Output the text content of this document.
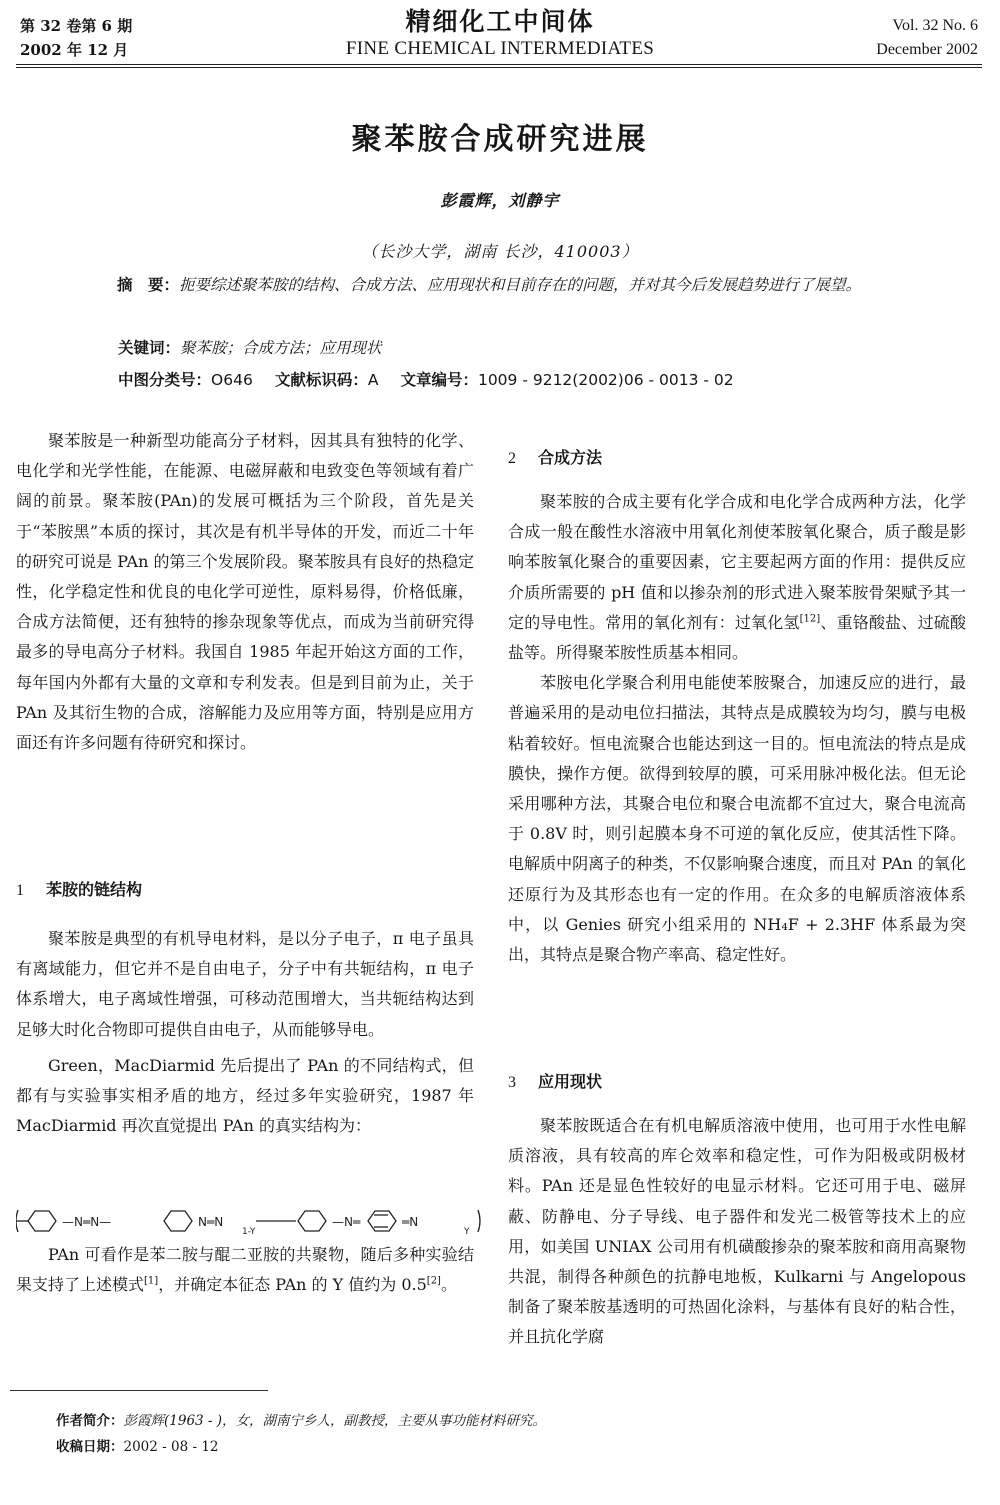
第 32 卷第 6 期
2002 年 12 月
精细化工中间体
FINE CHEMICAL INTERMEDIATES
Vol. 32 No. 6
December 2002
聚苯胺合成研究进展
彭霞辉，刘静宇
（长沙大学，湖南 长沙，410003）
摘　要：扼要综述聚苯胺的结构、合成方法、应用现状和目前存在的问题，并对其今后发展趋势进行了展望。
关键词：聚苯胺；合成方法；应用现状
中图分类号：O646 文献标识码：A 文章编号：1009 - 9212(2002)06 - 0013 - 02

聚苯胺是一种新型功能高分子材料，因其具有独特的化学、电化学和光学性能，在能源、电磁屏蔽和电致变色等领域有着广阔的前景。聚苯胺(PAn)的发展可概括为三个阶段，首先是关于“苯胺黑”本质的探讨，其次是有机半导体的开发，而近二十年的研究可说是 PAn 的第三个发展阶段。聚苯胺具有良好的热稳定性，化学稳定性和优良的电化学可逆性，原料易得，价格低廉，合成方法简便，还有独特的掺杂现象等优点，而成为当前研究得最多的导电高分子材料。我国自 1985 年起开始这方面的工作，每年国内外都有大量的文章和专利发表。但是到目前为止，关于 PAn 及其衍生物的合成，溶解能力及应用等方面，特别是应用方面还有许多问题有待研究和探讨。

1 苯胺的链结构

聚苯胺是典型的有机导电材料，是以分子电子，π 电子虽具有离域能力，但它并不是自由电子，分子中有共轭结构，π 电子体系增大，电子离域性增强，可移动范围增大，当共轭结构达到足够大时化合物即可提供自由电子，从而能够导电。

Green，MacDiarmid 先后提出了 PAn 的不同结构式，但都有与实验事实相矛盾的地方，经过多年实验研究，1987 年 MacDiarmid 再次直觉提出 PAn 的真实结构为：

—N═N—	N═N
1-Y
—N═	═N
Y

PAn 可看作是苯二胺与醌二亚胺的共聚物，随后多种实验结果支持了上述模式[1]，并确定本征态 PAn 的 Y 值约为 0.5[2]。

2 合成方法

聚苯胺的合成主要有化学合成和电化学合成两种方法，化学合成一般在酸性水溶液中用氧化剂使苯胺氧化聚合，质子酸是影响苯胺氧化聚合的重要因素，它主要起两方面的作用：提供反应介质所需要的 pH 值和以掺杂剂的形式进入聚苯胺骨架赋予其一定的导电性。常用的氧化剂有：过氧化氢[12]、重铬酸盐、过硫酸盐等。所得聚苯胺性质基本相同。

苯胺电化学聚合利用电能使苯胺聚合，加速反应的进行，最普遍采用的是动电位扫描法，其特点是成膜较为均匀，膜与电极粘着较好。恒电流聚合也能达到这一目的。恒电流法的特点是成膜快，操作方便。欲得到较厚的膜，可采用脉冲极化法。但无论采用哪种方法，其聚合电位和聚合电流都不宜过大，聚合电流高于 0.8V 时，则引起膜本身不可逆的氧化反应，使其活性下降。电解质中阴离子的种类，不仅影响聚合速度，而且对 PAn 的氧化还原行为及其形态也有一定的作用。在众多的电解质溶液体系中，以 Genies 研究小组采用的 NH₄F + 2.3HF 体系最为突出，其特点是聚合物产率高、稳定性好。

3 应用现状

聚苯胺既适合在有机电解质溶液中使用，也可用于水性电解质溶液，具有较高的库仑效率和稳定性，可作为阳极或阴极材料。PAn 还是显色性较好的电显示材料。它还可用于电、磁屏蔽、防静电、分子导线、电子器件和发光二极管等技术上的应用，如美国 UNIAX 公司用有机磺酸掺杂的聚苯胺和商用高聚物共混，制得各种颜色的抗静电地板，Kulkarni 与 Angelopous 制备了聚苯胺基透明的可热固化涂料，与基体有良好的粘合性，并且抗化学腐

作者简介：彭霞辉(1963 - )，女，湖南宁乡人，副教授，主要从事功能材料研究。
收稿日期：2002 - 08 - 12
